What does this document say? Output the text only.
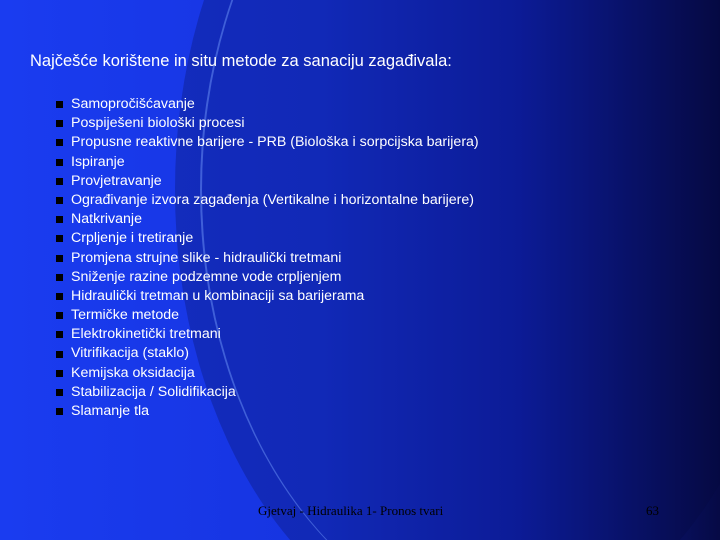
Najčešće korištene in situ metode za sanaciju zagađivala:
Samopročišćavanje
Pospiješeni biološki procesi
Propusne reaktivne barijere - PRB (Biološka i sorpcijska barijera)
Ispiranje
Provjetravanje
Ograđivanje izvora zagađenja (Vertikalne i horizontalne barijere)
Natkrivanje
Crpljenje i tretiranje
Promjena strujne slike - hidraulički tretmani
Sniženje razine podzemne vode crpljenjem
Hidraulički tretman u kombinaciji sa barijerama
Termičke metode
Elektrokinetički tretmani
Vitrifikacija (staklo)
Kemijska oksidacija
Stabilizacija / Solidifikacija
Slamanje tla
Gjetvaj - Hidraulika 1- Pronos tvari	63
